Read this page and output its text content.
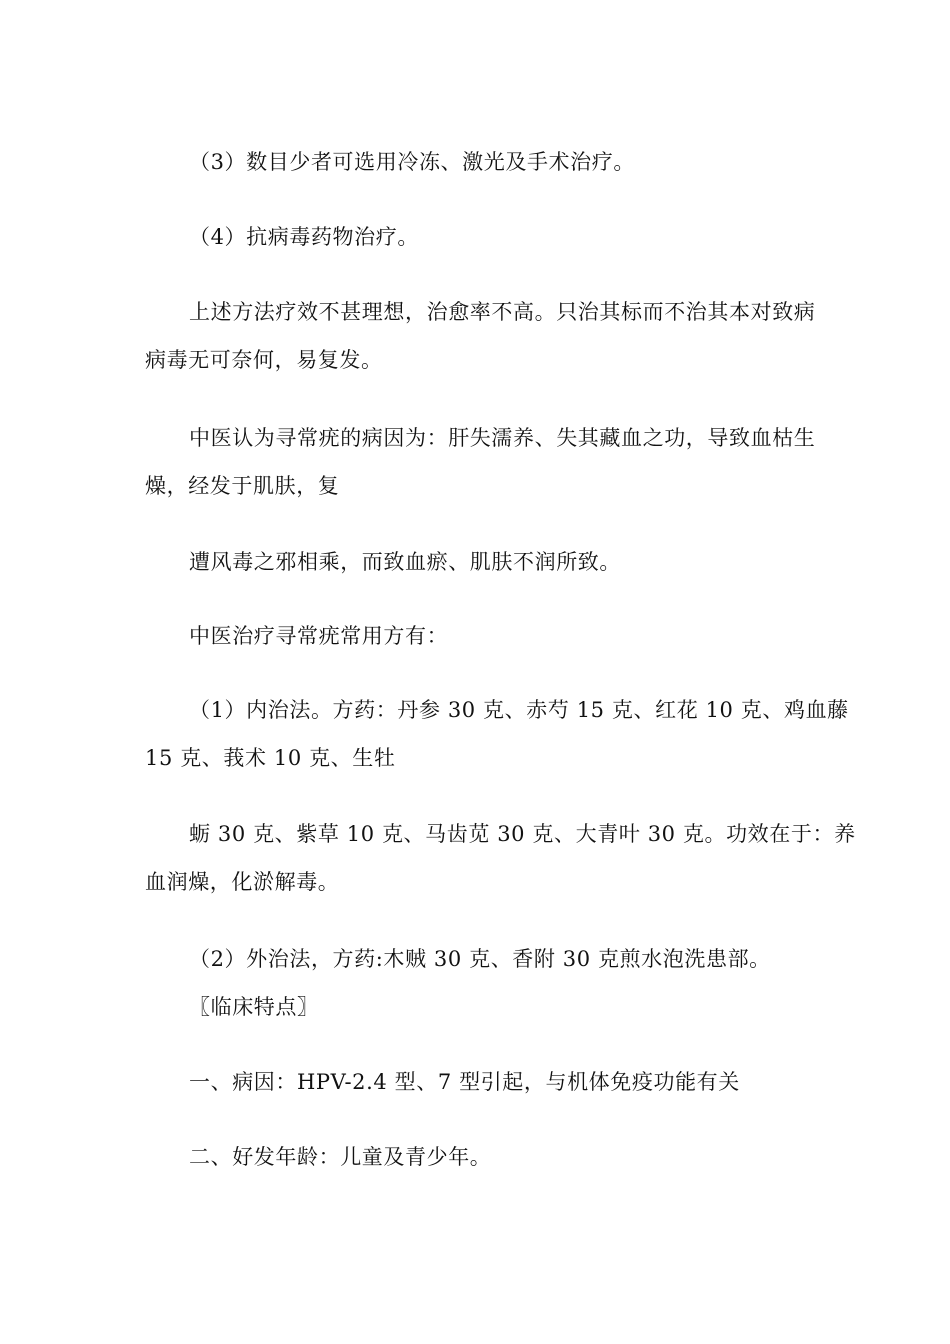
（3）数目少者可选用冷冻、激光及手术治疗。
（4）抗病毒药物治疗。
上述方法疗效不甚理想，治愈率不高。只治其标而不治其本对致病
病毒无可奈何，易复发。
中医认为寻常疣的病因为：肝失濡养、失其藏血之功，导致血枯生
燥，经发于肌肤，复
遭风毒之邪相乘，而致血瘀、肌肤不润所致。
中医治疗寻常疣常用方有：
（1）内治法。方药：丹参 30 克、赤芍 15 克、红花 10 克、鸡血藤
15 克、莪术 10 克、生牡
蛎 30 克、紫草 10 克、马齿苋 30 克、大青叶 30 克。功效在于：养
血润燥，化淤解毒。
（2）外治法，方药:木贼 30 克、香附 30 克煎水泡洗患部。
〖临床特点〗
一、病因：HPV-2.4 型、7 型引起，与机体免疫功能有关
二、好发年龄：儿童及青少年。
